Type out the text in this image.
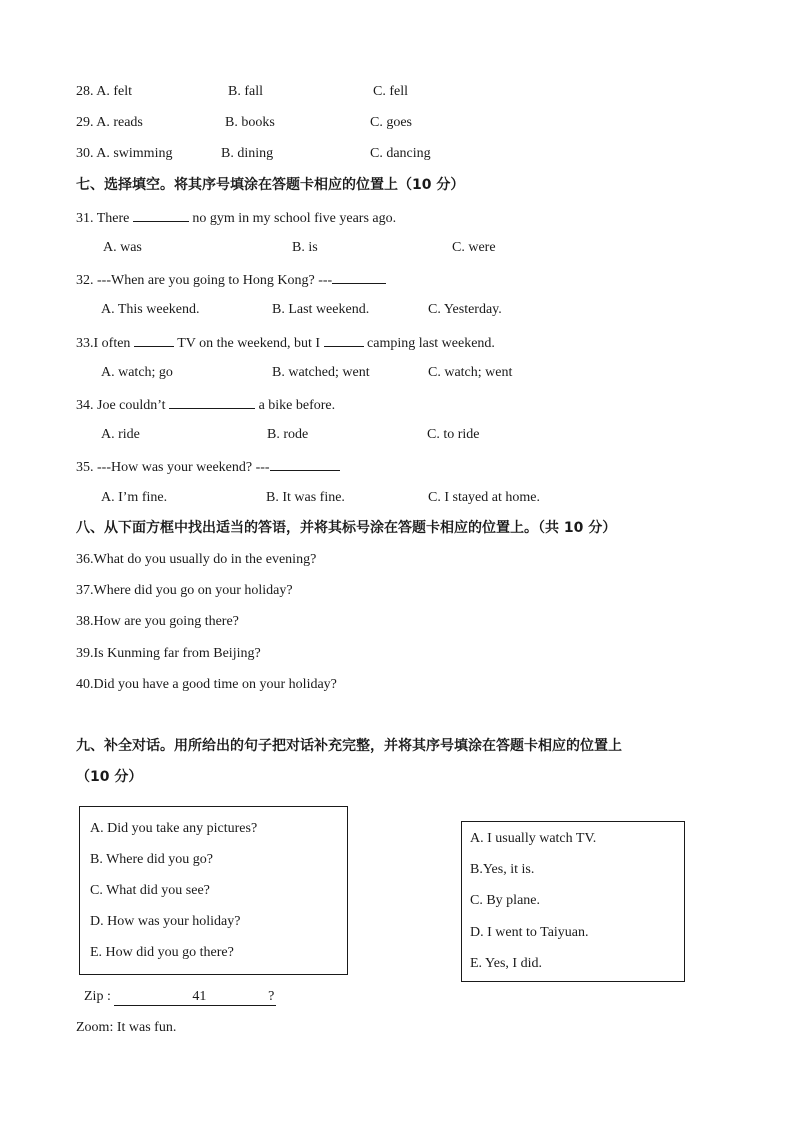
28. A. felt	B. fall	C. fell
29. A. reads	B. books	C. goes
30. A. swimming	B. dining	C. dancing
七、选择填空。将其序号填涂在答题卡相应的位置上（10 分）
31. There	no gym in my school five years ago.
A. was	B. is	C. were
32. ---When are you going to Hong Kong? ---
A. This weekend.	B. Last weekend.	C. Yesterday.
33.I often	TV on the weekend, but I	camping last weekend.
A. watch; go	B. watched; went	C. watch; went
34. Joe couldn’t	a bike before.
A. ride	B. rode	C. to ride
35. ---How was your weekend? ---
A. I’m fine.	B. It was fine.	C. I stayed at home.
八、从下面方框中找出适当的答语，并将其标号涂在答题卡相应的位置上。（共 10 分）
36.What do you usually do in the evening?
37.Where did you go on your holiday?
38.How are you going there?
39.Is Kunming far from Beijing?
40.Did you have a good time on your holiday?
九、补全对话。用所给出的句子把对话补充完整，并将其序号填涂在答题卡相应的位置上
（10 分）
A. Did you take any pictures?
B. Where did you go?
C. What did you see?
D. How was your holiday?
E. How did you go there?
A. I usually watch TV.
B.Yes, it is.
C. By plane.
D. I went to Taiyuan.
E. Yes, I did.
Zip :	41	?

Zoom: It was fun.
